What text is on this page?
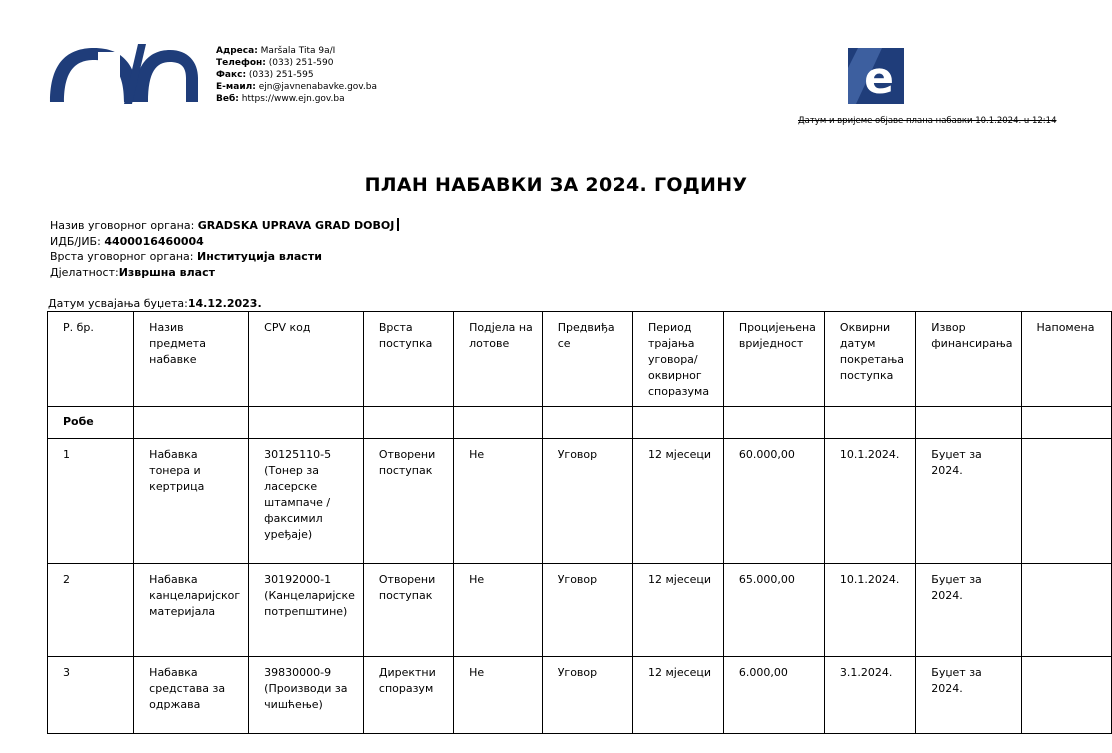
Адреса: Maršala Tita 9a/I
Телефон: (033) 251-590
Факс: (033) 251-595
Е-маил: ejn@javnenabavke.gov.ba
Веб: https://www.ejn.gov.ba	e
Датум и вријеме објаве плана набавки 10.1.2024. u 12:14
ПЛАН НАБАВКИ ЗА 2024. ГОДИНУ
Назив уговорног органа: GRADSKA UPRAVA GRAD DOBOJ
ИДБ/ЈИБ: 4400016460004
Врста уговорног органа: Институција власти
Дјелатност:Извршна власт
Датум усвајања буџета:14.12.2023.
Р. бр.	Назив предмета набавке	CPV код	Врста поступка	Подјела на лотове	Предвиђа се	Период трајања уговора/оквирног споразума	Процијењена вриједност	Оквирни датум покретања поступка	Извор финансирања	Напомена
Робе										
1	Набавка тонера и кертрица	30125110-5 (Тонер за ласерске штампаче /факсимил уређаје)	Отворени поступак	Не	Уговор	12 мјесеци	60.000,00	10.1.2024.	Буџет за 2024.	
2	Набавка канцеларијског материјала	30192000-1 (Канцеларијске потрепштине)	Отворени поступак	Не	Уговор	12 мјесеци	65.000,00	10.1.2024.	Буџет за 2024.	
3	Набавка средстава за одржава	39830000-9 (Производи за чишћење)	Директни споразум	Не	Уговор	12 мјесеци	6.000,00	3.1.2024.	Буџет за 2024.	
